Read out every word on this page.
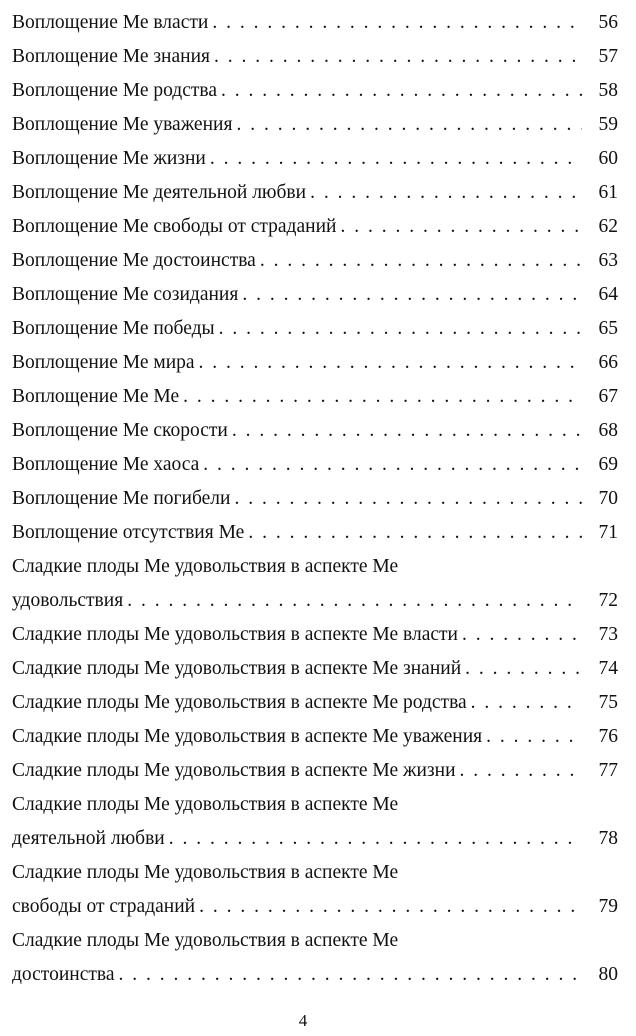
Воплощение Ме власти . . .	56
Воплощение Ме знания . . .	57
Воплощение Ме родства . . .	58
Воплощение Ме уважения . . .	59
Воплощение Ме жизни . . .	60
Воплощение Ме деятельной любви . . .	61
Воплощение Ме свободы от страданий . . .	62
Воплощение Ме достоинства . . .	63
Воплощение Ме созидания . . .	64
Воплощение Ме победы . . .	65
Воплощение Ме мира . . .	66
Воплощение Ме Ме . . .	67
Воплощение Ме скорости . . .	68
Воплощение Ме хаоса . . .	69
Воплощение Ме погибели . . .	70
Воплощение отсутствия Ме . . .	71
Сладкие плоды Ме удовольствия в аспекте Ме
удовольствия . . .	72
Сладкие плоды Ме удовольствия в аспекте Ме власти . . .	73
Сладкие плоды Ме удовольствия в аспекте Ме знаний . . .	74
Сладкие плоды Ме удовольствия в аспекте Ме родства . . .	75
Сладкие плоды Ме удовольствия в аспекте Ме уважения . . .	76
Сладкие плоды Ме удовольствия в аспекте Ме жизни . . .	77
Сладкие плоды Ме удовольствия в аспекте Ме
деятельной любви . . .	78
Сладкие плоды Ме удовольствия в аспекте Ме
свободы от страданий . . .	79
Сладкие плоды Ме удовольствия в аспекте Ме
достоинства . . .	80
4
